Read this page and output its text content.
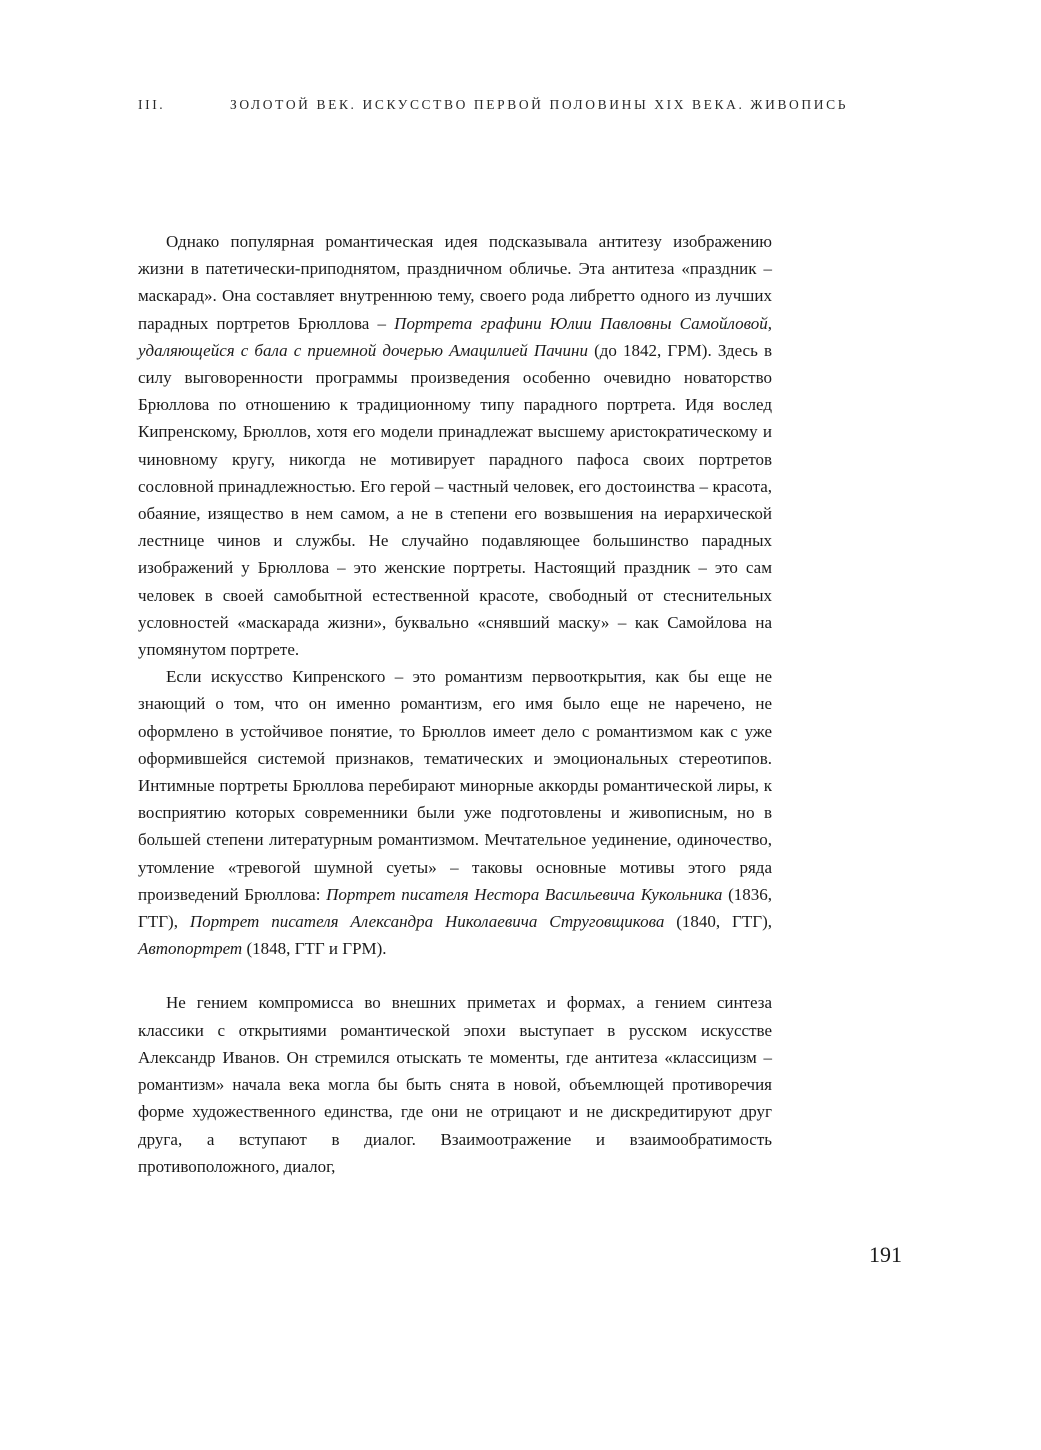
III.	ЗОЛОТОЙ ВЕК. ИСКУССТВО ПЕРВОЙ ПОЛОВИНЫ XIX ВЕКА. ЖИВОПИСЬ

Однако популярная романтическая идея подсказывала антитезу изображению жизни в патетически-приподнятом, праздничном обличье. Эта антитеза «праздник – маскарад». Она составляет внутреннюю тему, своего рода либретто одного из лучших парадных портретов Брюллова – Портрета графини Юлии Павловны Самойловой, удаляющейся с бала с приемной дочерью Амацилией Пачини (до 1842, ГРМ). Здесь в силу выговоренности программы произведения особенно очевидно новаторство Брюллова по отношению к традиционному типу парадного портрета. Идя вослед Кипренскому, Брюллов, хотя его модели принадлежат высшему аристократическому и чиновному кругу, никогда не мотивирует парадного пафоса своих портретов сословной принадлежностью. Его герой – частный человек, его достоинства – красота, обаяние, изящество в нем самом, а не в степени его возвышения на иерархической лестнице чинов и службы. Не случайно подавляющее большинство парадных изображений у Брюллова – это женские портреты. Настоящий праздник – это сам человек в своей самобытной естественной красоте, свободный от стеснительных условностей «маскарада жизни», буквально «снявший маску» – как Самойлова на упомянутом портрете.

Если искусство Кипренского – это романтизм первооткрытия, как бы еще не знающий о том, что он именно романтизм, его имя было еще не наречено, не оформлено в устойчивое понятие, то Брюллов имеет дело с романтизмом как с уже оформившейся системой признаков, тематических и эмоциональных стереотипов. Интимные портреты Брюллова перебирают минорные аккорды романтической лиры, к восприятию которых современники были уже подготовлены и живописным, но в большей степени литературным романтизмом. Мечтательное уединение, одиночество, утомление «тревогой шумной суеты» – таковы основные мотивы этого ряда произведений Брюллова: Портрет писателя Нестора Васильевича Кукольника (1836, ГТГ), Портрет писателя Александра Николаевича Струговщикова (1840, ГТГ), Автопортрет (1848, ГТГ и ГРМ).

Не гением компромисса во внешних приметах и формах, а гением синтеза классики с открытиями романтической эпохи выступает в русском искусстве Александр Иванов. Он стремился отыскать те моменты, где антитеза «классицизм – романтизм» начала века могла бы быть снята в новой, объемлющей противоречия форме художественного единства, где они не отрицают и не дискредитируют друг друга, а вступают в диалог. Взаимоотражение и взаимообратимость противоположного, диалог,

191
